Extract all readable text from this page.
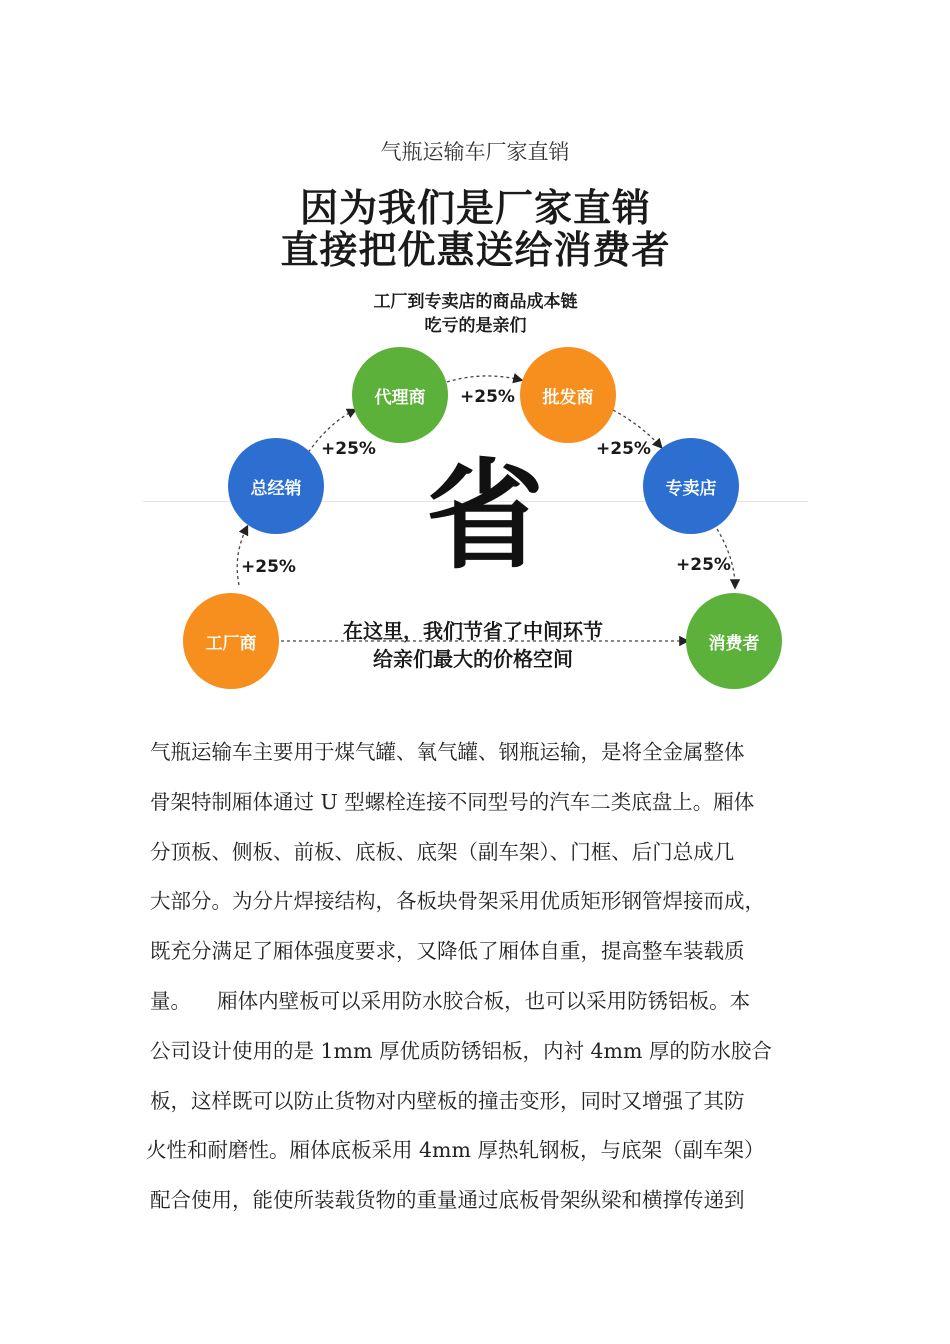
气瓶运输车厂家直销
因为我们是厂家直销
直接把优惠送给消费者
工厂到专卖店的商品成本链
吃亏的是亲们
工厂商
总经销
代理商	批发商
专卖店
消费者
+25%
+25%
+25%
+25%
+25%
省
在这里，我们节省了中间环节
给亲们最大的价格空间

气瓶运输车主要用于煤气罐、氧气罐、钢瓶运输，是将全金属整体

骨架特制厢体通过 U 型螺栓连接不同型号的汽车二类底盘上。厢体

分顶板、侧板、前板、底板、底架（副车架）、门框、后门总成几

大部分。为分片焊接结构，各板块骨架采用优质矩形钢管焊接而成，

既充分满足了厢体强度要求，又降低了厢体自重，提高整车装载质

量。    厢体内壁板可以采用防水胶合板，也可以采用防锈铝板。本

公司设计使用的是 1mm 厚优质防锈铝板，内衬 4mm 厚的防水胶合

板，这样既可以防止货物对内壁板的撞击变形，同时又增强了其防

火性和耐磨性。厢体底板采用 4mm 厚热轧钢板，与底架（副车架）

配合使用，能使所装载货物的重量通过底板骨架纵梁和横撑传递到
